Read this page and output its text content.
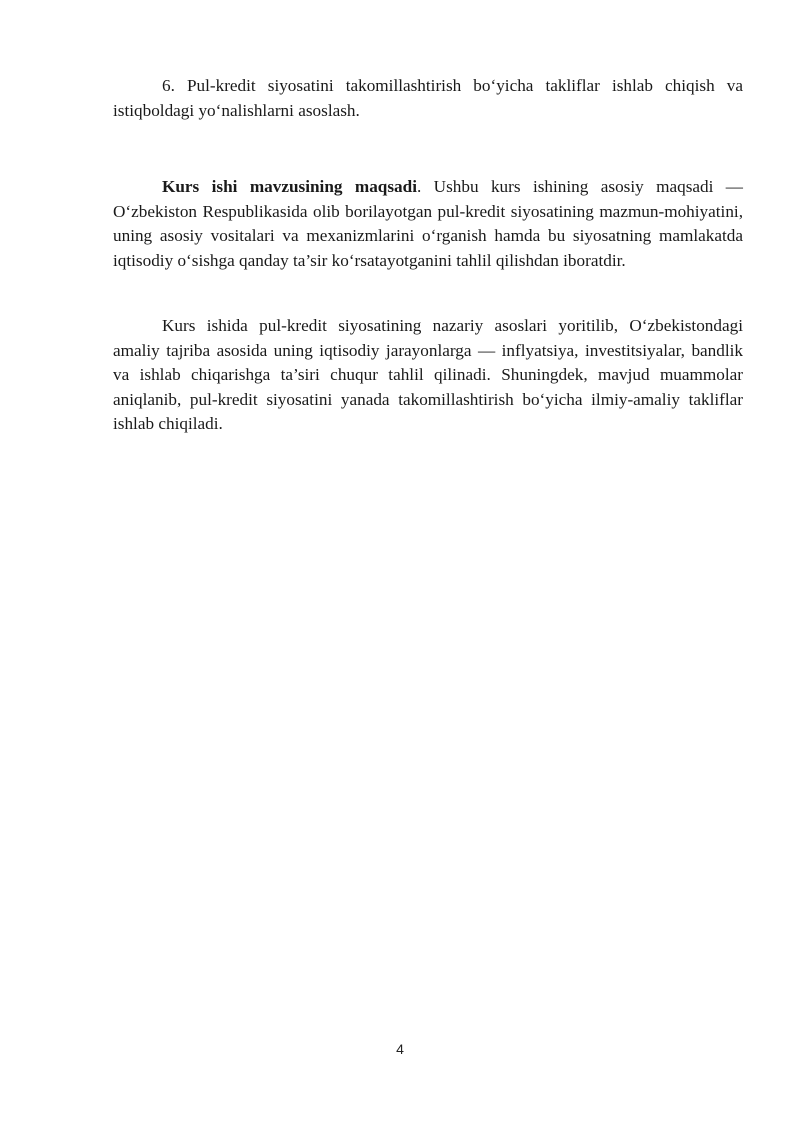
6. Pul-kredit siyosatini takomillashtirish bo‘yicha takliflar ishlab chiqish va istiqboldagi yo‘nalishlarni asoslash.

Kurs ishi mavzusining maqsadi. Ushbu kurs ishining asosiy maqsadi — O‘zbekiston Respublikasida olib borilayotgan pul-kredit siyosatining mazmun-mohiyatini, uning asosiy vositalari va mexanizmlarini o‘rganish hamda bu siyosatning mamlakatda iqtisodiy o‘sishga qanday ta’sir ko‘rsatayotganini tahlil qilishdan iboratdir.

Kurs ishida pul-kredit siyosatining nazariy asoslari yoritilib, O‘zbekistondagi amaliy tajriba asosida uning iqtisodiy jarayonlarga — inflyatsiya, investitsiyalar, bandlik va ishlab chiqarishga ta’siri chuqur tahlil qilinadi. Shuningdek, mavjud muammolar aniqlanib, pul-kredit siyosatini yanada takomillashtirish bo‘yicha ilmiy-amaliy takliflar ishlab chiqiladi.

4
